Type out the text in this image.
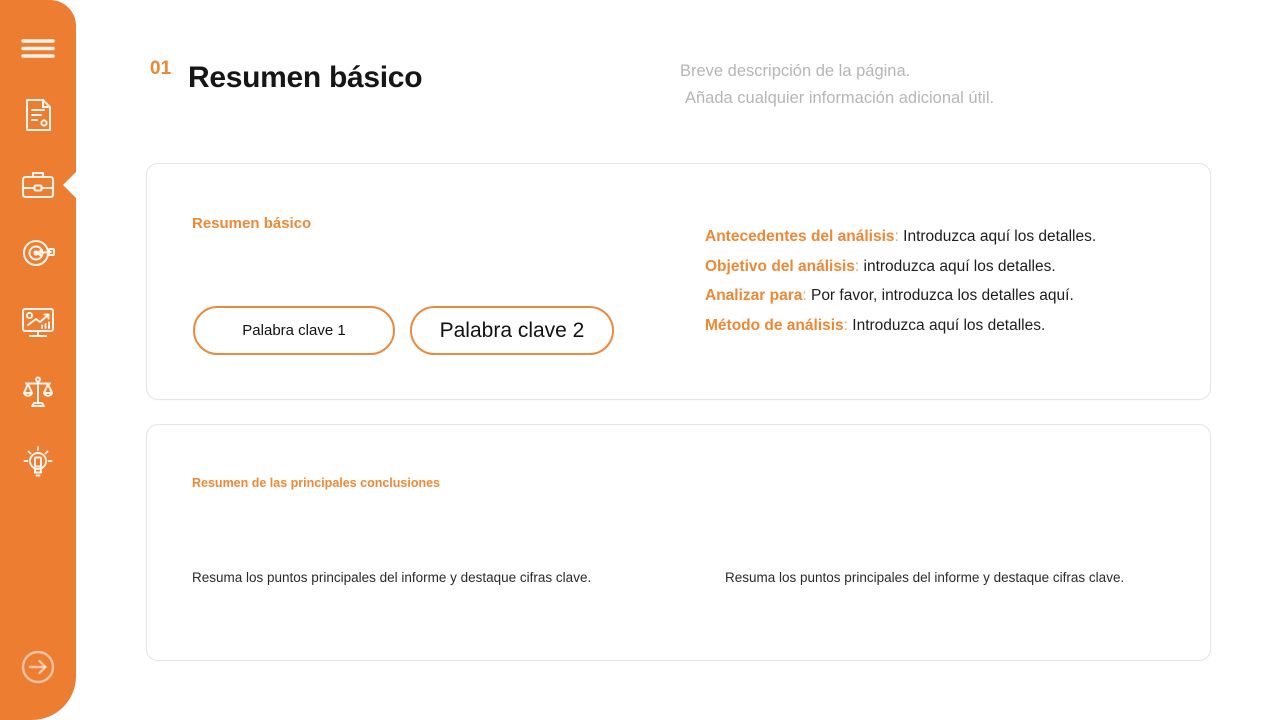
01 Resumen básico	Breve descripción de la página.
Añada cualquier información adicional útil.
Resumen básico
Palabra clave 1	Palabra clave 2
Antecedentes del análisis: Introduzca aquí los detalles.
Objetivo del análisis: introduzca aquí los detalles.
Analizar para: Por favor, introduzca los detalles aquí.
Método de análisis: Introduzca aquí los detalles.
Resumen de las principales conclusiones
Resuma los puntos principales del informe y destaque cifras clave.	Resuma los puntos principales del informe y destaque cifras clave.
